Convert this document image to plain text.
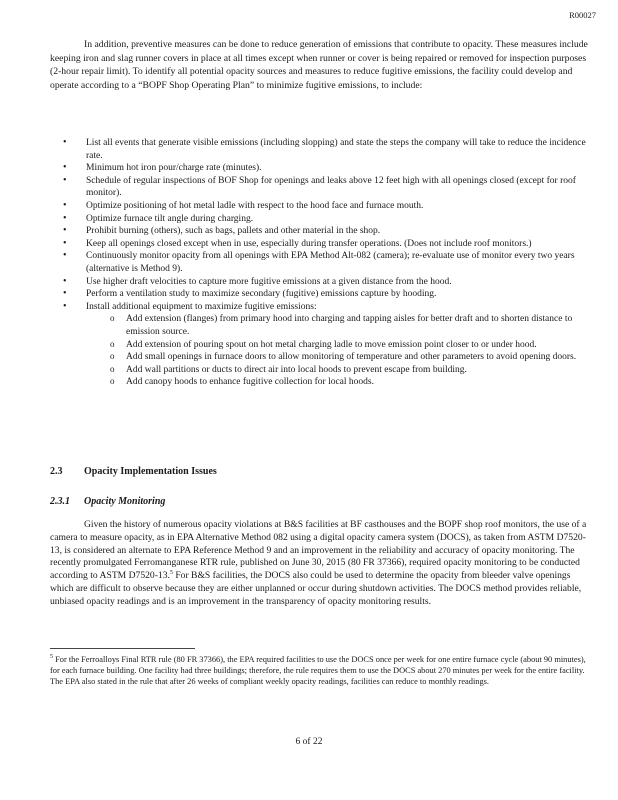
R00027

In addition, preventive measures can be done to reduce generation of emissions that contribute to opacity. These measures include keeping iron and slag runner covers in place at all times except when runner or cover is being repaired or removed for inspection purposes (2-hour repair limit). To identify all potential opacity sources and measures to reduce fugitive emissions, the facility could develop and operate according to a “BOPF Shop Operating Plan” to minimize fugitive emissions, to include:

• List all events that generate visible emissions (including slopping) and state the steps the company will take to reduce the incidence rate.
• Minimum hot iron pour/charge rate (minutes).
• Schedule of regular inspections of BOF Shop for openings and leaks above 12 feet high with all openings closed (except for roof monitor).
• Optimize positioning of hot metal ladle with respect to the hood face and furnace mouth.
• Optimize furnace tilt angle during charging.
• Prohibit burning (others), such as bags, pallets and other material in the shop.
• Keep all openings closed except when in use, especially during transfer operations. (Does not include roof monitors.)
• Continuously monitor opacity from all openings with EPA Method Alt-082 (camera); re-evaluate use of monitor every two years (alternative is Method 9).
• Use higher draft velocities to capture more fugitive emissions at a given distance from the hood.
• Perform a ventilation study to maximize secondary (fugitive) emissions capture by hooding.
• Install additional equipment to maximize fugitive emissions:
o Add extension (flanges) from primary hood into charging and tapping aisles for better draft and to shorten distance to emission source.
o Add extension of pouring spout on hot metal charging ladle to move emission point closer to or under hood.
o Add small openings in furnace doors to allow monitoring of temperature and other parameters to avoid opening doors.
o Add wall partitions or ducts to direct air into local hoods to prevent escape from building.
o Add canopy hoods to enhance fugitive collection for local hoods.
2.3 Opacity Implementation Issues
2.3.1 Opacity Monitoring

Given the history of numerous opacity violations at B&S facilities at BF casthouses and the BOPF shop roof monitors, the use of a camera to measure opacity, as in EPA Alternative Method 082 using a digital opacity camera system (DOCS), as taken from ASTM D7520-13, is considered an alternate to EPA Reference Method 9 and an improvement in the reliability and accuracy of opacity monitoring. The recently promulgated Ferromanganese RTR rule, published on June 30, 2015 (80 FR 37366), required opacity monitoring to be conducted according to ASTM D7520-13.$^5$ For B&S facilities, the DOCS also could be used to determine the opacity from bleeder valve openings which are difficult to observe because they are either unplanned or occur during shutdown activities. The DOCS method provides reliable, unbiased opacity readings and is an improvement in the transparency of opacity monitoring results.

$^5$ For the Ferroalloys Final RTR rule (80 FR 37366), the EPA required facilities to use the DOCS once per week for one entire furnace cycle (about 90 minutes), for each furnace building. One facility had three buildings; therefore, the rule requires them to use the DOCS about 270 minutes per week for the entire facility. The EPA also stated in the rule that after 26 weeks of compliant weekly opacity readings, facilities can reduce to monthly readings.

6 of 22
